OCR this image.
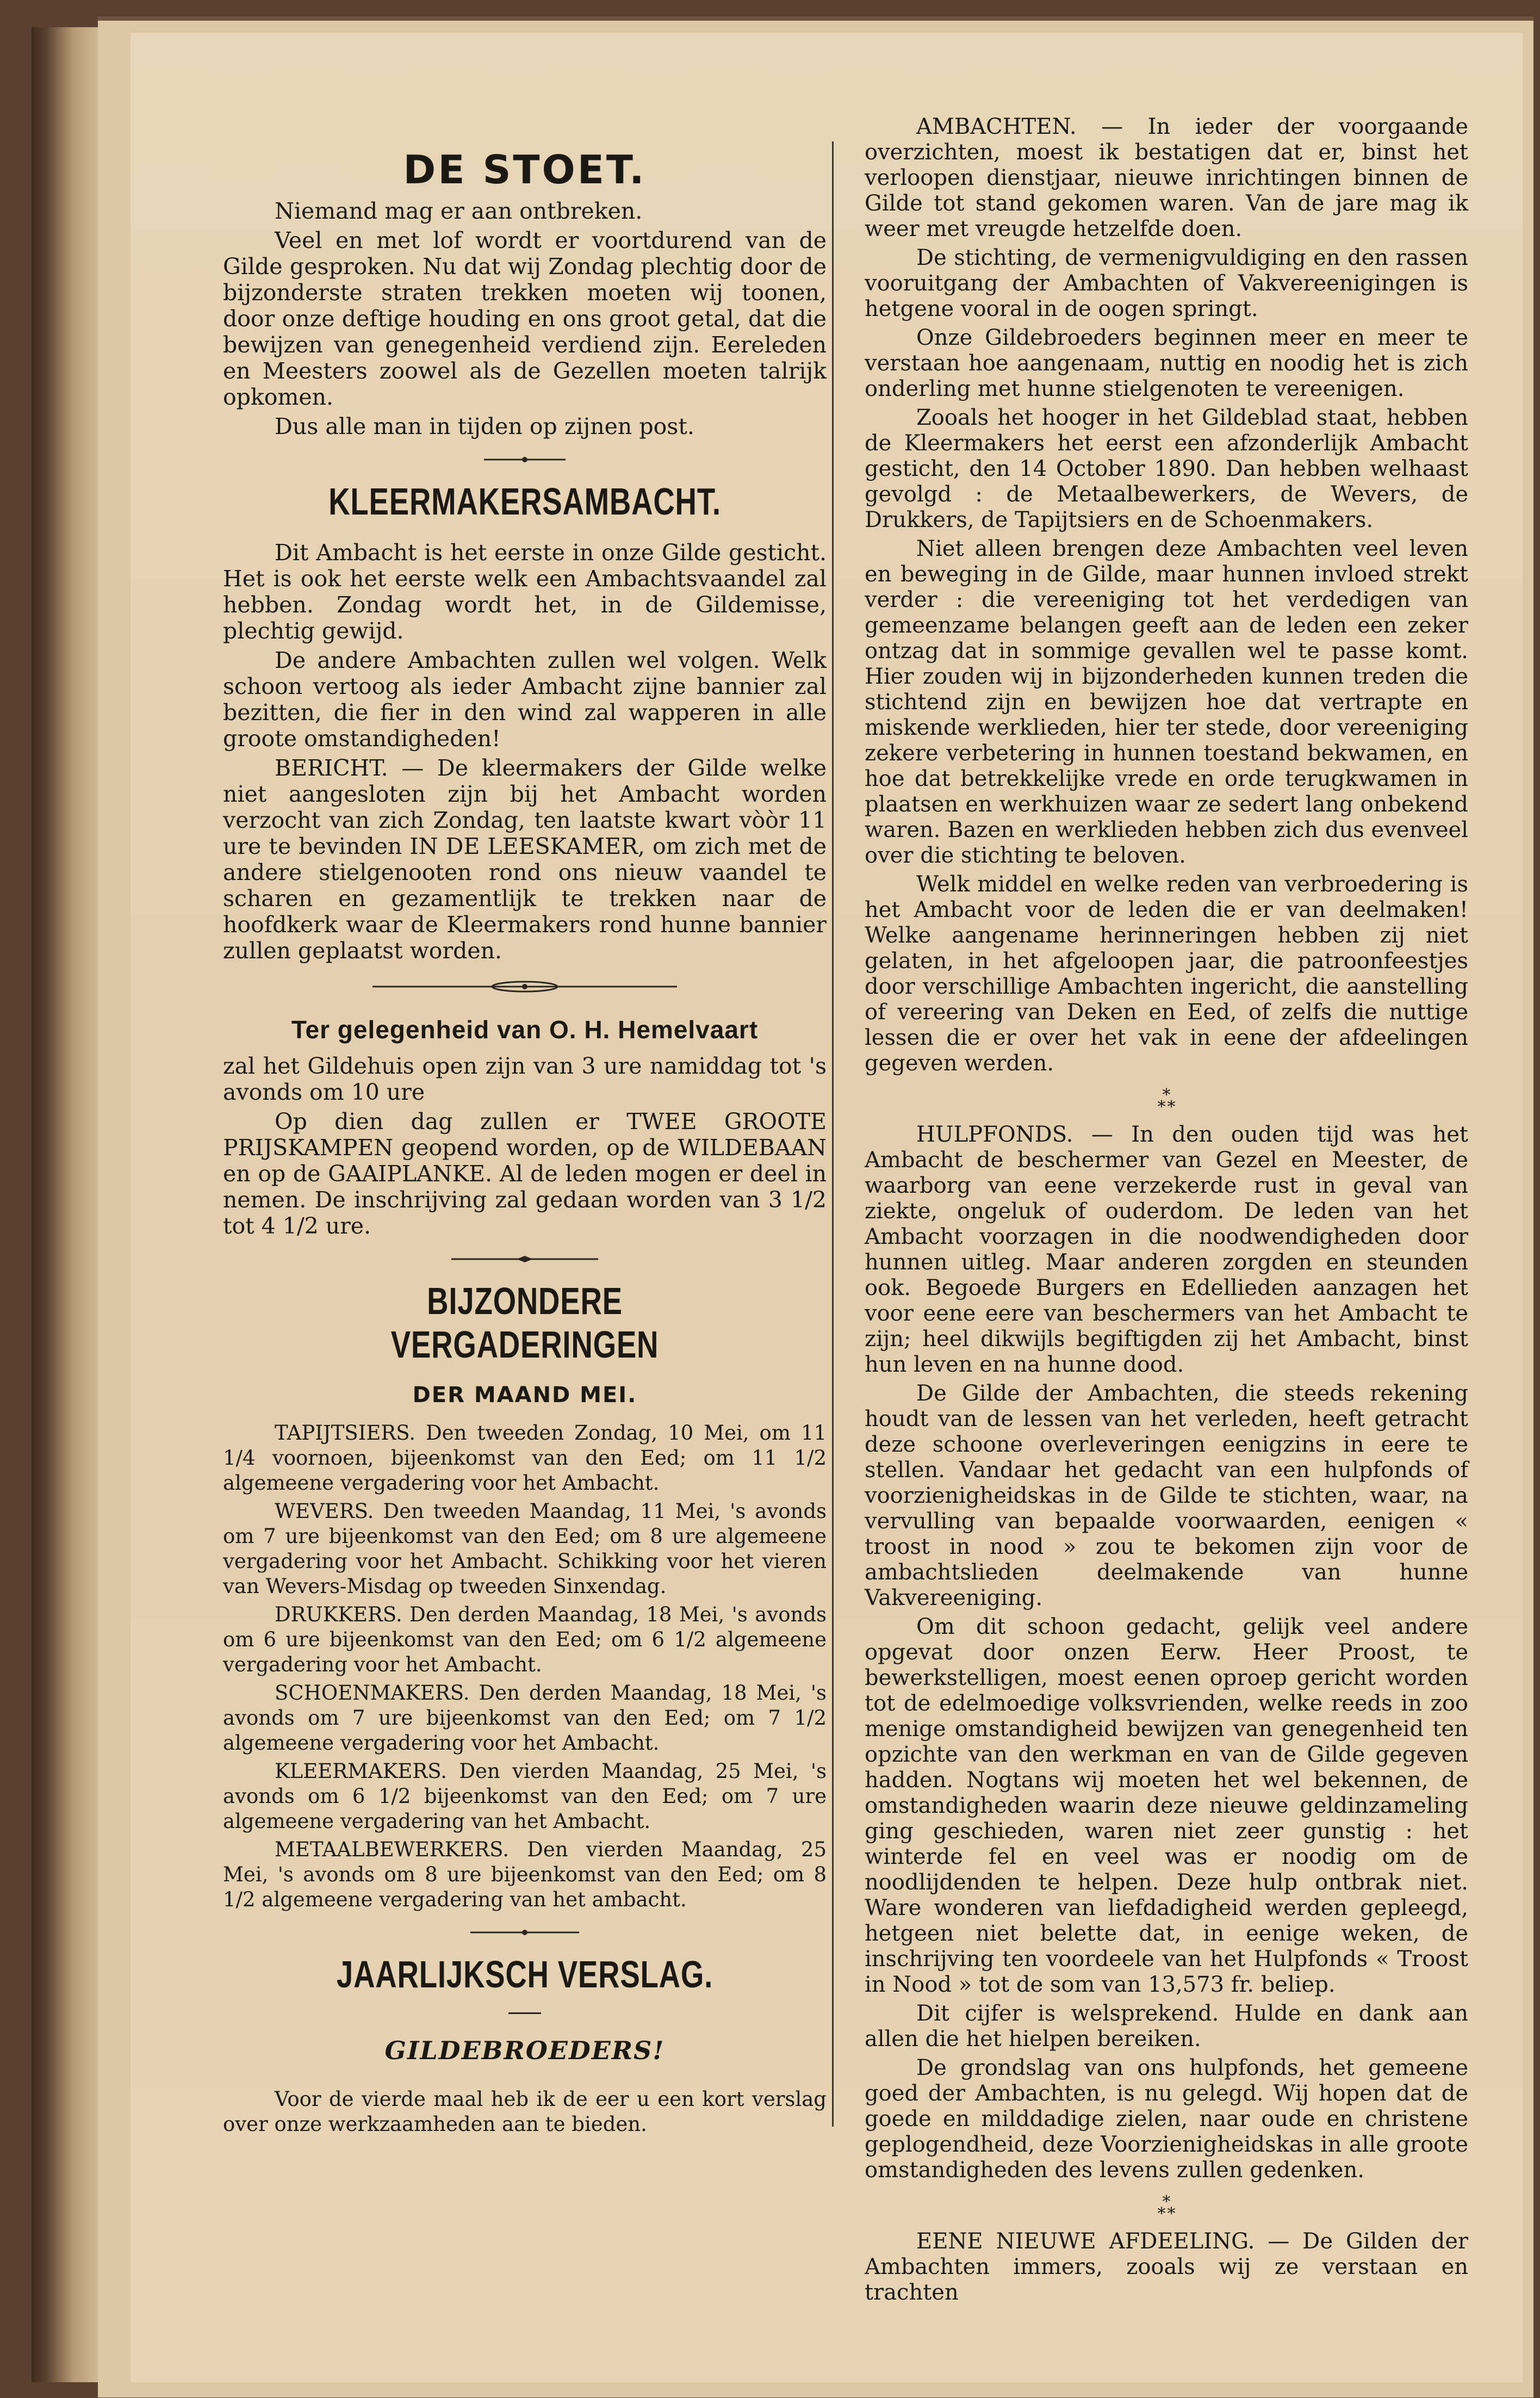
DE STOET.

Niemand mag er aan ontbreken.

Veel en met lof wordt er voortdurend van de Gilde gesproken. Nu dat wij Zondag plechtig door de bijzonderste straten trekken moeten wij toonen, door onze deftige houding en ons groot getal, dat die bewijzen van genegenheid verdiend zijn. Eereleden en Meesters zoowel als de Gezellen moeten talrijk opkomen.

Dus alle man in tijden op zijnen post.

KLEERMAKERSAMBACHT.

Dit Ambacht is het eerste in onze Gilde gesticht. Het is ook het eerste welk een Ambachtsvaandel zal hebben. Zondag wordt het, in de Gildemisse, plechtig gewijd.

De andere Ambachten zullen wel volgen. Welk schoon vertoog als ieder Ambacht zijne bannier zal bezitten, die fier in den wind zal wapperen in alle groote omstandigheden!

BERICHT. — De kleermakers der Gilde welke niet aangesloten zijn bij het Ambacht worden verzocht van zich Zondag, ten laatste kwart vòòr 11 ure te bevinden IN DE LEESKAMER, om zich met de andere stielgenooten rond ons nieuw vaandel te scharen en gezamentlijk te trekken naar de hoofdkerk waar de Kleermakers rond hunne bannier zullen geplaatst worden.

Ter gelegenheid van O. H. Hemelvaart

zal het Gildehuis open zijn van 3 ure namiddag tot 's avonds om 10 ure

Op dien dag zullen er TWEE GROOTE PRIJSKAMPEN geopend worden, op de WILDEBAAN en op de GAAIPLANKE. Al de leden mogen er deel in nemen. De inschrijving zal gedaan worden van 3 1/2 tot 4 1/2 ure.

BIJZONDERE VERGADERINGEN
DER MAAND MEI.

TAPIJTSIERS. Den tweeden Zondag, 10 Mei, om 11 1/4 voornoen, bijeenkomst van den Eed; om 11 1/2 algemeene vergadering voor het Ambacht.

WEVERS. Den tweeden Maandag, 11 Mei, 's avonds om 7 ure bijeenkomst van den Eed; om 8 ure algemeene vergadering voor het Ambacht. Schikking voor het vieren van Wevers-Misdag op tweeden Sinxendag.

DRUKKERS. Den derden Maandag, 18 Mei, 's avonds om 6 ure bijeenkomst van den Eed; om 6 1/2 algemeene vergadering voor het Ambacht.

SCHOENMAKERS. Den derden Maandag, 18 Mei, 's avonds om 7 ure bijeenkomst van den Eed; om 7 1/2 algemeene vergadering voor het Ambacht.

KLEERMAKERS. Den vierden Maandag, 25 Mei, 's avonds om 6 1/2 bijeenkomst van den Eed; om 7 ure algemeene vergadering van het Ambacht.

METAALBEWERKERS. Den vierden Maandag, 25 Mei, 's avonds om 8 ure bijeenkomst van den Eed; om 8 1/2 algemeene vergadering van het ambacht.

JAARLIJKSCH VERSLAG.
GILDEBROEDERS!

Voor de vierde maal heb ik de eer u een kort verslag over onze werkzaamheden aan te bieden.

AMBACHTEN. — In ieder der voorgaande overzichten, moest ik bestatigen dat er, binst het verloopen dienstjaar, nieuwe inrichtingen binnen de Gilde tot stand gekomen waren. Van de jare mag ik weer met vreugde hetzelfde doen.

De stichting, de vermenigvuldiging en den rassen vooruitgang der Ambachten of Vakvereenigingen is hetgene vooral in de oogen springt.

Onze Gildebroeders beginnen meer en meer te verstaan hoe aangenaam, nuttig en noodig het is zich onderling met hunne stielgenoten te vereenigen.

Zooals het hooger in het Gildeblad staat, hebben de Kleermakers het eerst een afzonderlijk Ambacht gesticht, den 14 October 1890. Dan hebben welhaast gevolgd : de Metaalbewerkers, de Wevers, de Drukkers, de Tapijtsiers en de Schoenmakers.

Niet alleen brengen deze Ambachten veel leven en beweging in de Gilde, maar hunnen invloed strekt verder : die vereeniging tot het verdedigen van gemeenzame belangen geeft aan de leden een zeker ontzag dat in sommige gevallen wel te passe komt. Hier zouden wij in bijzonderheden kunnen treden die stichtend zijn en bewijzen hoe dat vertrapte en miskende werklieden, hier ter stede, door vereeniging zekere verbetering in hunnen toestand bekwamen, en hoe dat betrekkelijke vrede en orde terugkwamen in plaatsen en werkhuizen waar ze sedert lang onbekend waren. Bazen en werklieden hebben zich dus evenveel over die stichting te beloven.

Welk middel en welke reden van verbroedering is het Ambacht voor de leden die er van deelmaken! Welke aangename herinneringen hebben zij niet gelaten, in het afgeloopen jaar, die patroonfeestjes door verschillige Ambachten ingericht, die aanstelling of vereering van Deken en Eed, of zelfs die nuttige lessen die er over het vak in eene der afdeelingen gegeven werden.

*
*  *

HULPFONDS. — In den ouden tijd was het Ambacht de beschermer van Gezel en Meester, de waarborg van eene verzekerde rust in geval van ziekte, ongeluk of ouderdom. De leden van het Ambacht voorzagen in die noodwendigheden door hunnen uitleg. Maar anderen zorgden en steunden ook. Begoede Burgers en Edellieden aanzagen het voor eene eere van beschermers van het Ambacht te zijn; heel dikwijls begiftigden zij het Ambacht, binst hun leven en na hunne dood.

De Gilde der Ambachten, die steeds rekening houdt van de lessen van het verleden, heeft getracht deze schoone overleveringen eenigzins in eere te stellen. Vandaar het gedacht van een hulpfonds of voorzienigheidskas in de Gilde te stichten, waar, na vervulling van bepaalde voorwaarden, eenigen « troost in nood » zou te bekomen zijn voor de ambachtslieden deelmakende van hunne Vakvereeniging.

Om dit schoon gedacht, gelijk veel andere opgevat door onzen Eerw. Heer Proost, te bewerkstelligen, moest eenen oproep gericht worden tot de edelmoedige volksvrienden, welke reeds in zoo menige omstandigheid bewijzen van genegenheid ten opzichte van den werkman en van de Gilde gegeven hadden. Nogtans wij moeten het wel bekennen, de omstandigheden waarin deze nieuwe geldinzameling ging geschieden, waren niet zeer gunstig : het winterde fel en veel was er noodig om de noodlijdenden te helpen. Deze hulp ontbrak niet. Ware wonderen van liefdadigheid werden gepleegd, hetgeen niet belette dat, in eenige weken, de inschrijving ten voordeele van het Hulpfonds « Troost in Nood » tot de som van 13,573 fr. beliep.

Dit cijfer is welsprekend. Hulde en dank aan allen die het hielpen bereiken.

De grondslag van ons hulpfonds, het gemeene goed der Ambachten, is nu gelegd. Wij hopen dat de goede en milddadige zielen, naar oude en christene geplogendheid, deze Voorzienigheidskas in alle groote omstandigheden des levens zullen gedenken.

*
*  *

EENE NIEUWE AFDEELING. — De Gilden der Ambachten immers, zooals wij ze verstaan en trachten
